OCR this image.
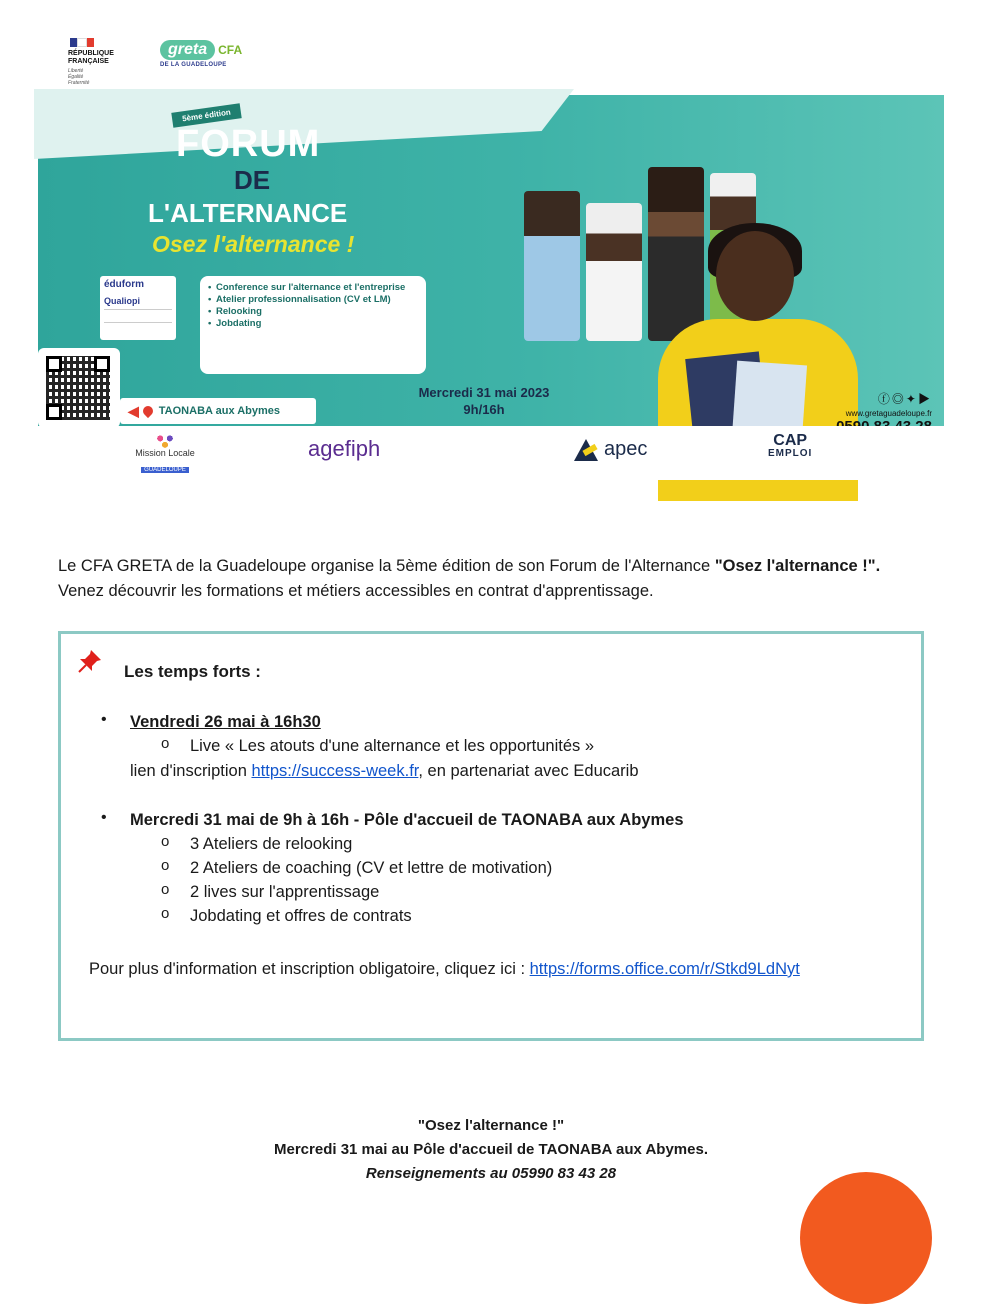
RÉPUBLIQUE
FRANÇAISE
Liberté
Égalité
Fraternité
greta CFA
DE LA GUADELOUPE
5ème édition
FORUM
DE
L'ALTERNANCE
Osez l'alternance !
éduform
Qualiopi
• Conference sur l'alternance et l'entreprise
• Atelier professionnalisation (CV et LM)
• Relooking
• Jobdating
◀ TAONABA aux Abymes
Mercredi 31 mai 2023
9h/16h
ⓕ◎✦▶
www.gretaguadeloupe.fr
Mission Locale
GUADELOUPE
agefiph	apec	CAP
EMPLOI
Le CFA GRETA de la Guadeloupe organise la 5ème édition de son Forum de l'Alternance "Osez l'alternance !".
Venez découvrir les formations et métiers accessibles en contrat d'apprentissage.
Les temps forts :
• Vendredi 26 mai à 16h30
o Live « Les atouts d'une alternance et les opportunités »
lien d'inscription https://success-week.fr, en partenariat avec Educarib
• Mercredi 31 mai de 9h à 16h - Pôle d'accueil de TAONABA aux Abymes
o 3 Ateliers de relooking
o 2 Ateliers de coaching (CV et lettre de motivation)
o 2 lives sur l'apprentissage
o Jobdating et offres de contrats
Pour plus d'information et inscription obligatoire, cliquez ici : https://forms.office.com/r/Stkd9LdNyt
"Osez l'alternance !"
Mercredi 31 mai au Pôle d'accueil de TAONABA aux Abymes.
Renseignements au 05990 83 43 28
